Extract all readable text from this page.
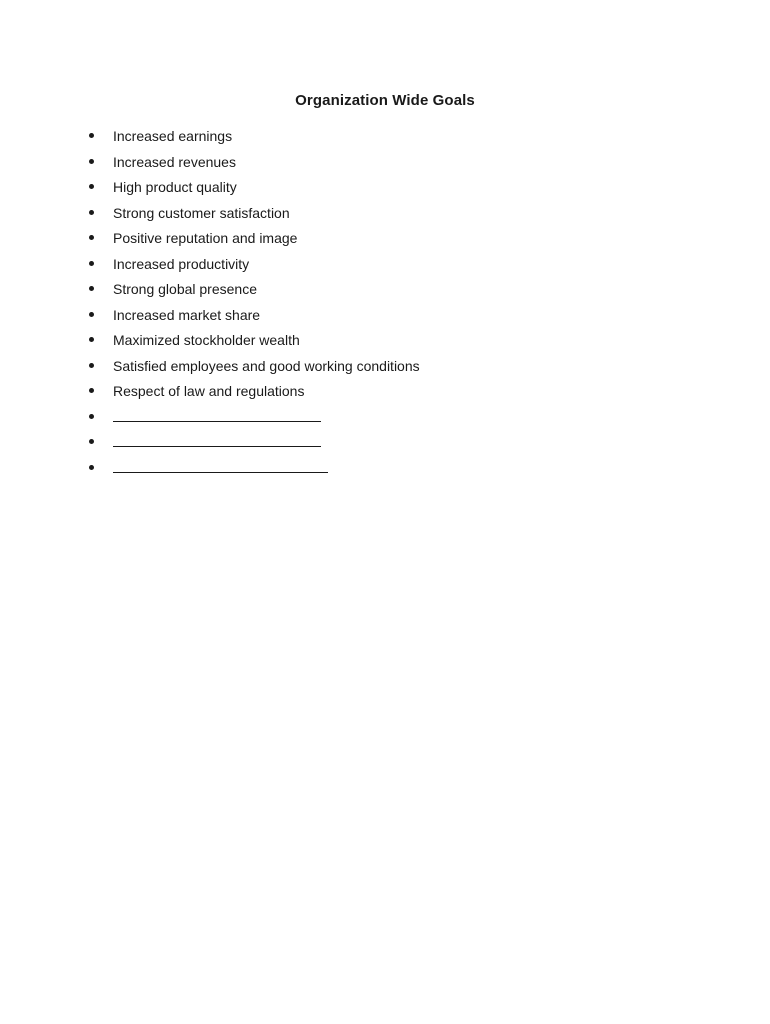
Organization Wide Goals
Increased earnings
Increased revenues
High product quality
Strong customer satisfaction
Positive reputation and image
Increased productivity
Strong global presence
Increased market share
Maximized stockholder wealth
Satisfied employees and good working conditions
Respect of law and regulations
